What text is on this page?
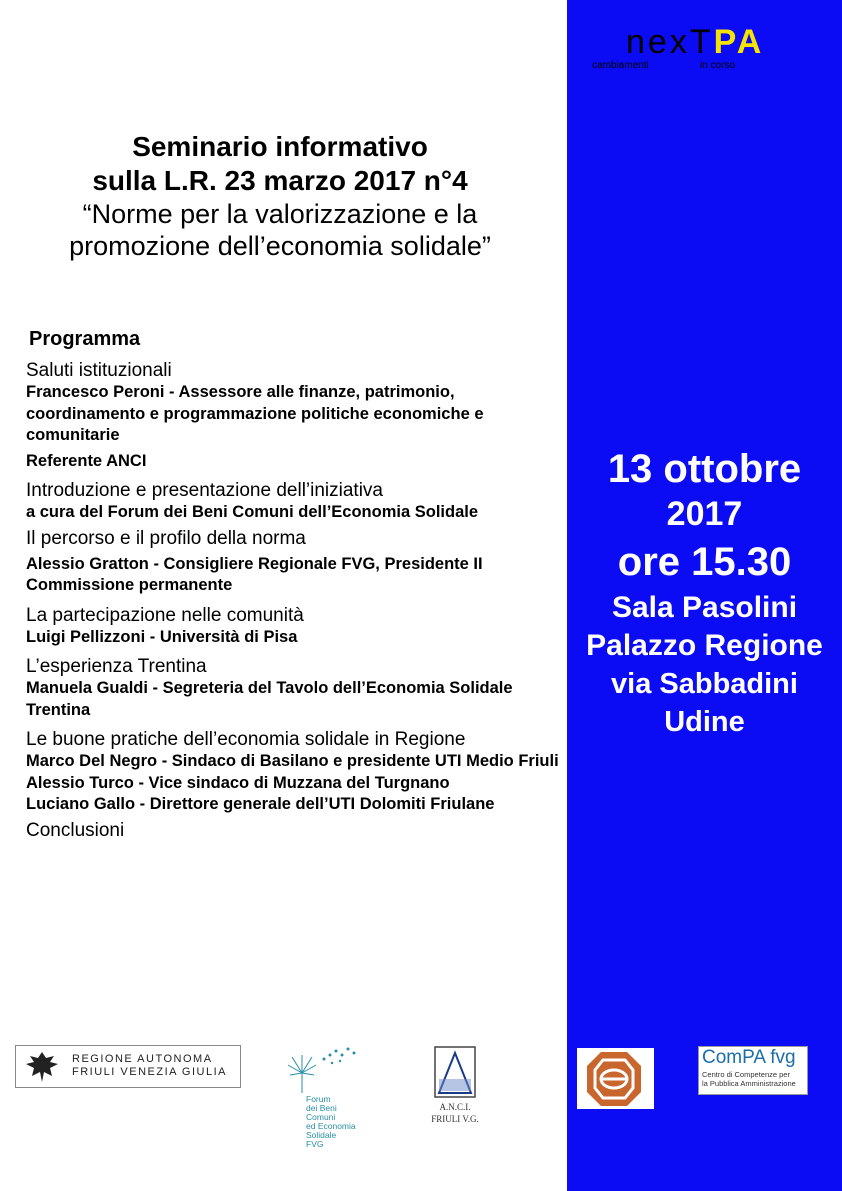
nexTPA
cambiamenti	in corso
Seminario informativo
sulla L.R. 23 marzo 2017 n°4
“Norme per la valorizzazione e la
promozione dell’economia solidale”
Programma
Saluti istituzionali
Francesco Peroni - Assessore alle finanze, patrimonio, coordinamento e programmazione politiche economiche e comunitarie
Referente ANCI
Introduzione e presentazione dell’iniziativa
a cura del Forum dei Beni Comuni dell’Economia Solidale
Il percorso e il profilo della norma
Alessio Gratton - Consigliere Regionale FVG, Presidente II Commissione permanente
La partecipazione nelle comunità
Luigi Pellizzoni - Università di Pisa
L’esperienza Trentina
Manuela Gualdi - Segreteria del Tavolo dell’Economia Solidale Trentina
Le buone pratiche dell’economia solidale in Regione
Marco Del Negro - Sindaco di Basilano e presidente UTI Medio Friuli
Alessio Turco - Vice sindaco di Muzzana del Turgnano
Luciano Gallo - Direttore generale dell’UTI Dolomiti Friulane
Conclusioni
13 ottobre
2017
ore 15.30
Sala Pasolini
Palazzo Regione
via Sabbadini
Udine
REGIONE AUTONOMA
FRIULI VENEZIA GIULIA
Forum
dei Beni
Comuni
ed Economia
Solidale
FVG
A.N.C.I.
FRIULI V.G.
ComPA fvg
Centro di Competenze per
la Pubblica Amministrazione
